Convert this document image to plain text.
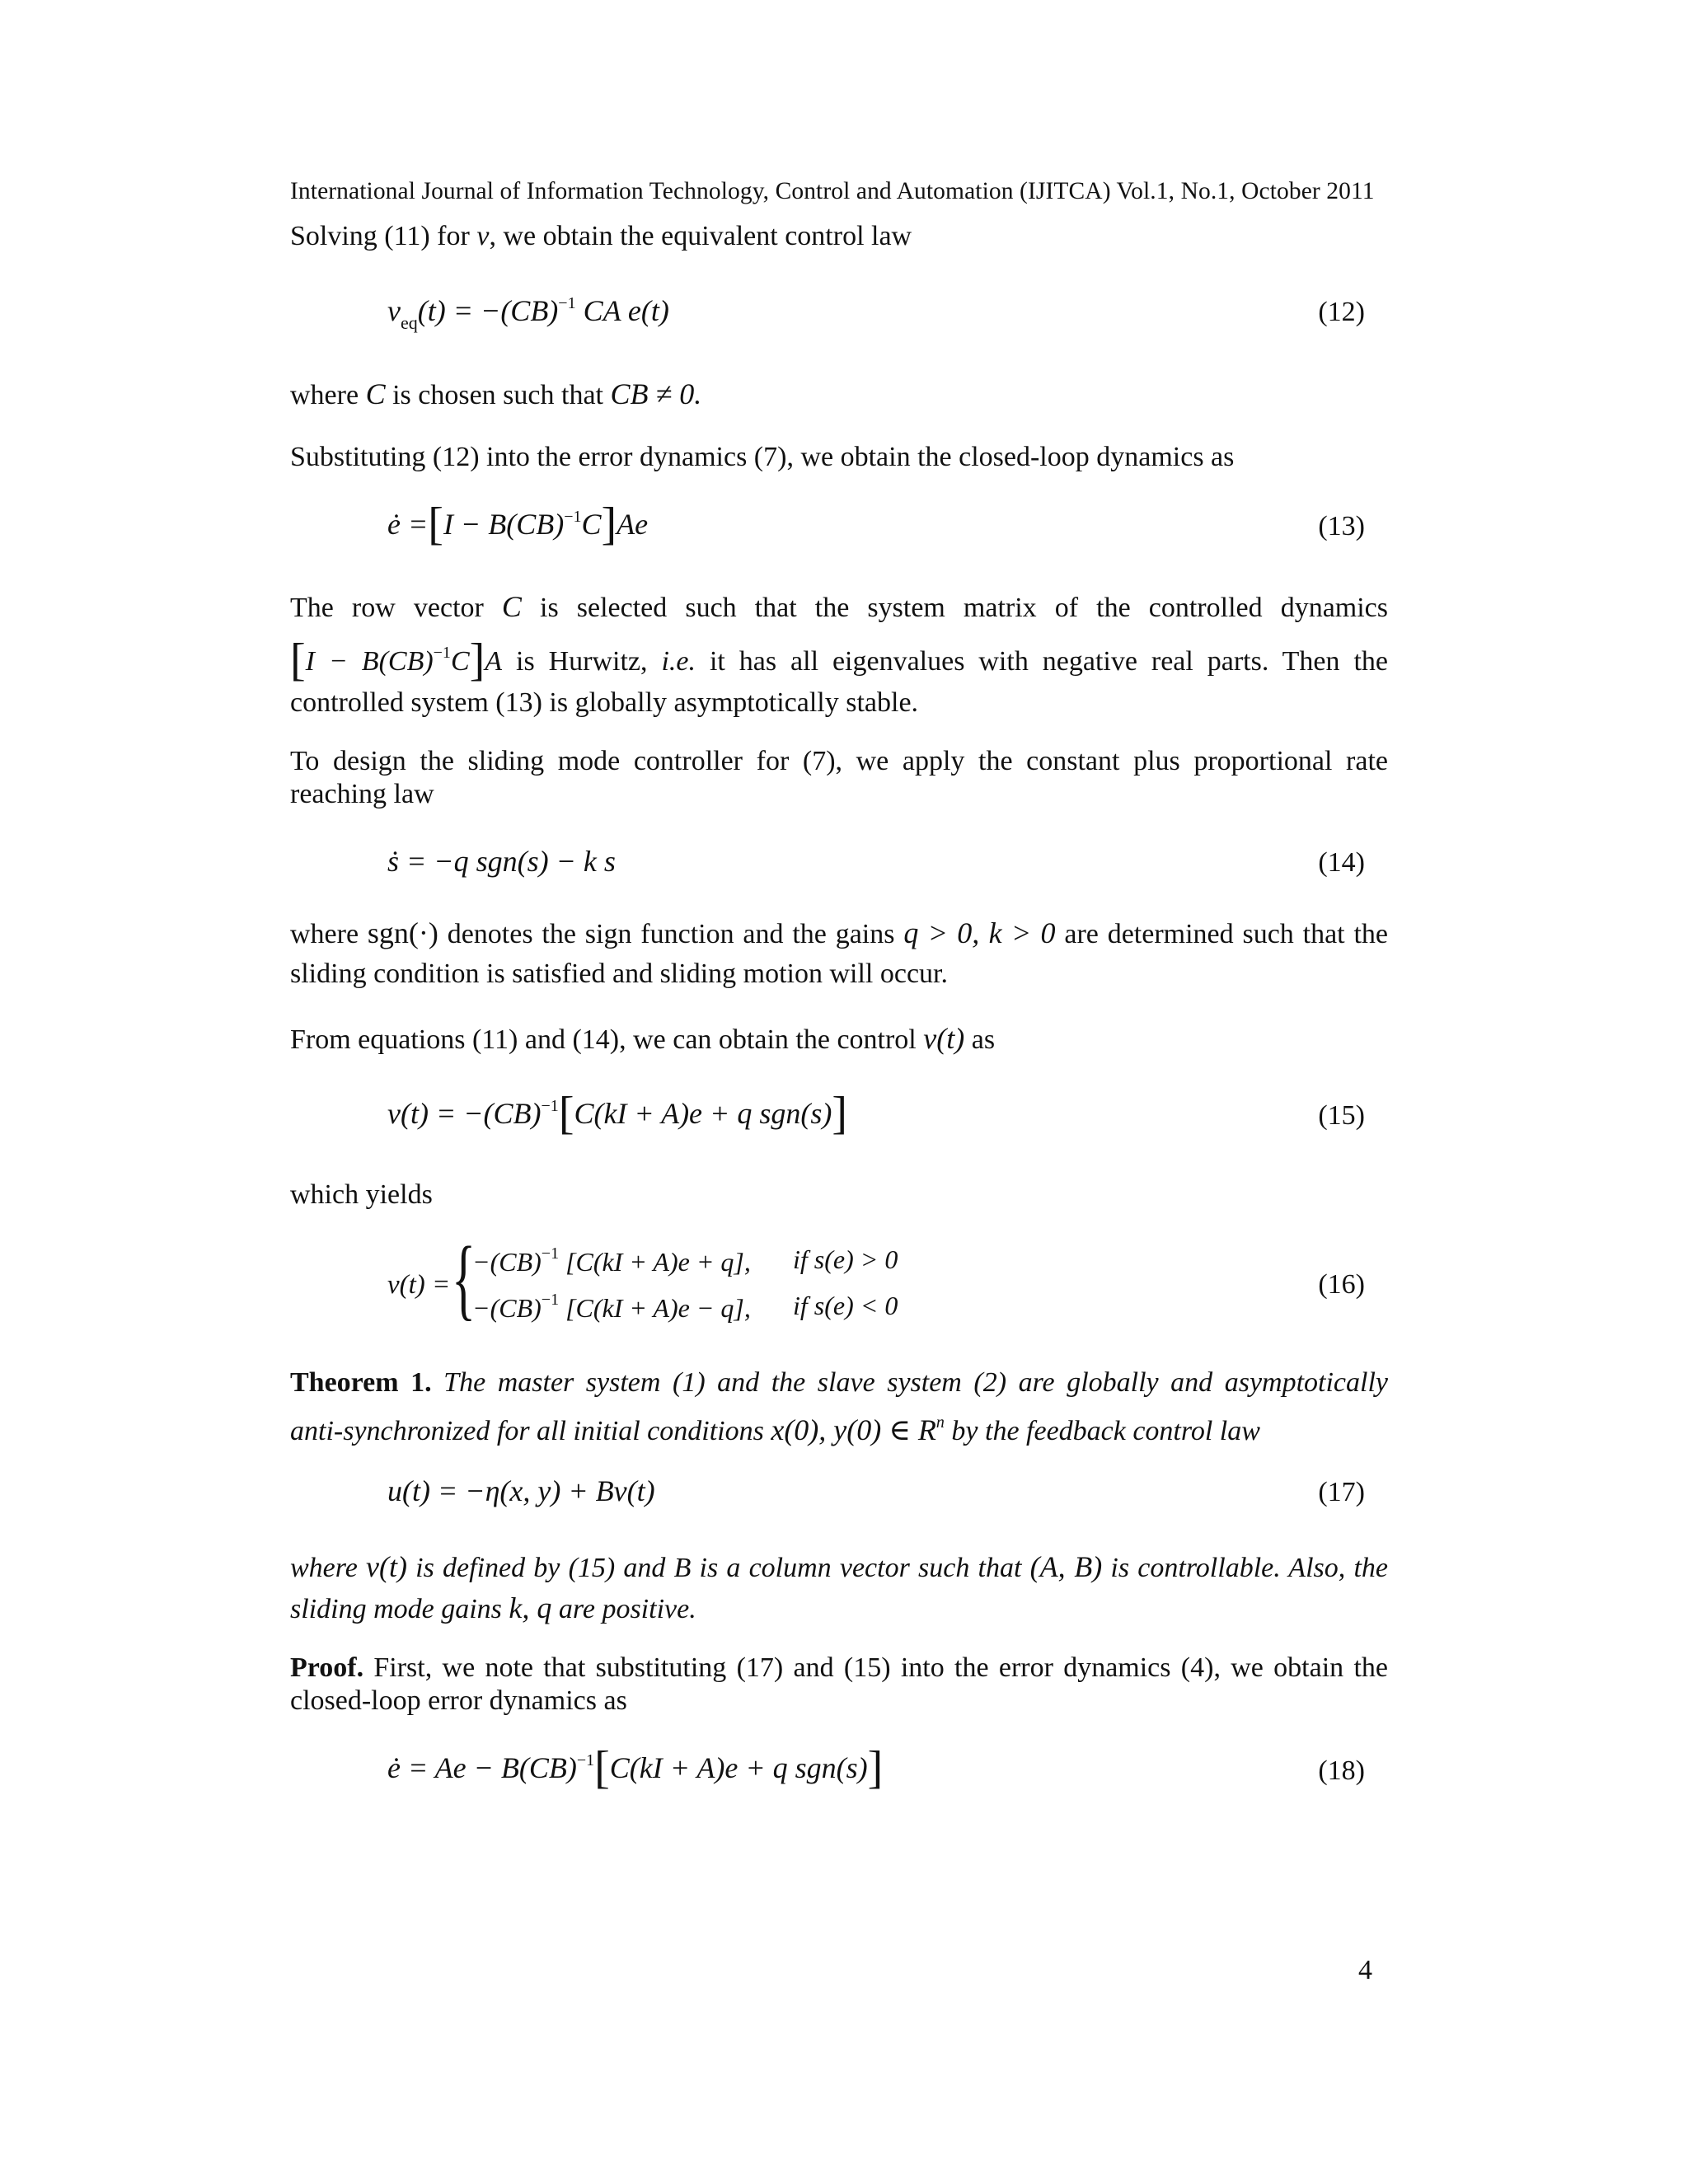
International Journal of Information Technology, Control and Automation (IJITCA) Vol.1, No.1, October 2011
Solving (11) for v, we obtain the equivalent control law
$v_{eq}(t) = -(CB)^{-1}$ CA e(t)	(12)
where C is chosen such that CB ≠ 0.
Substituting (12) into the error dynamics (7), we obtain the closed-loop dynamics as
ė =[I − B(CB)$^{-1}$C]Ae	(13)
The row vector C is selected such that the system matrix of the controlled dynamics
[I − B(CB)$^{-1}$C]A is Hurwitz, i.e. it has all eigenvalues with negative real parts. Then the
controlled system (13) is globally asymptotically stable.
To design the sliding mode controller for (7), we apply the constant plus proportional rate
reaching law
ṡ = −q sgn(s) − k s	(14)
where sgn(·) denotes the sign function and the gains q > 0, k > 0 are determined such that the
sliding condition is satisfied and sliding motion will occur.
From equations (11) and (14), we can obtain the control v(t) as
v(t) = −(CB)$^{-1}$[C(kI + A)e + q sgn(s)]	(15)
which yields
v(t) = {
−(CB)$^{-1}$ [C(kI + A)e + q], if s(e) > 0
−(CB)$^{-1}$ [C(kI + A)e − q], if s(e) < 0
(16)
Theorem 1. The master system (1) and the slave system (2) are globally and asymptotically
anti-synchronized for all initial conditions x(0), y(0) ∈ $R^n$ by the feedback control law
u(t) = −η(x, y) + Bv(t)	(17)
where v(t) is defined by (15) and B is a column vector such that (A, B) is controllable. Also, the
sliding mode gains k, q are positive.
Proof. First, we note that substituting (17) and (15) into the error dynamics (4), we obtain the
closed-loop error dynamics as
ė = Ae − B(CB)$^{-1}$[C(kI + A)e + q sgn(s)]	(18)
4
